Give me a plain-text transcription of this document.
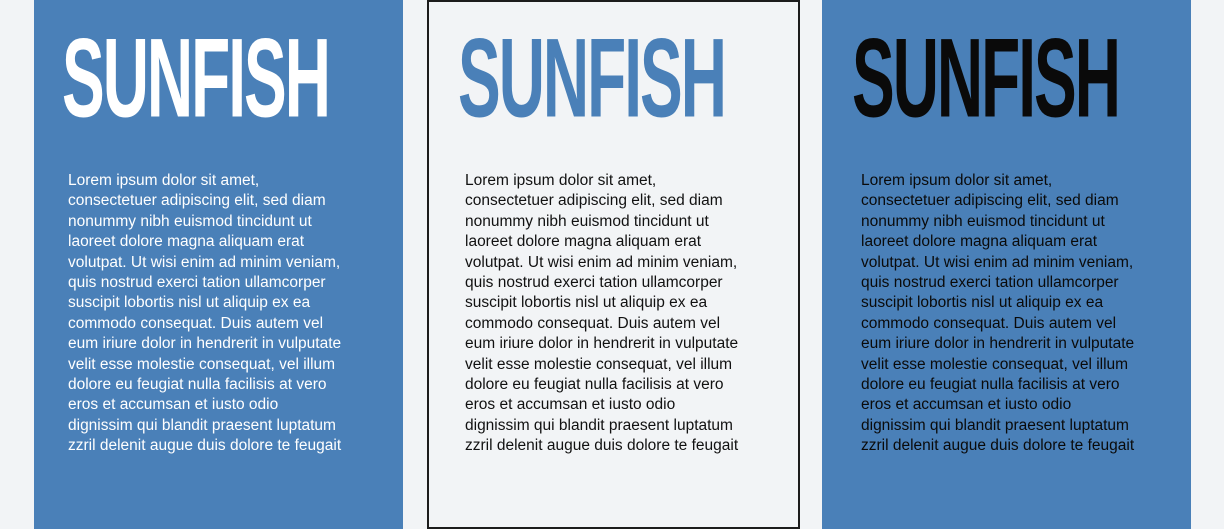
SUNFISH

Lorem ipsum dolor sit amet,
consectetuer adipiscing elit, sed diam
nonummy nibh euismod tincidunt ut
laoreet dolore magna aliquam erat
volutpat. Ut wisi enim ad minim veniam,
quis nostrud exerci tation ullamcorper
suscipit lobortis nisl ut aliquip ex ea
commodo consequat. Duis autem vel
eum iriure dolor in hendrerit in vulputate
velit esse molestie consequat, vel illum
dolore eu feugiat nulla facilisis at vero
eros et accumsan et iusto odio
dignissim qui blandit praesent luptatum
zzril delenit augue duis dolore te feugait

SUNFISH

Lorem ipsum dolor sit amet,
consectetuer adipiscing elit, sed diam
nonummy nibh euismod tincidunt ut
laoreet dolore magna aliquam erat
volutpat. Ut wisi enim ad minim veniam,
quis nostrud exerci tation ullamcorper
suscipit lobortis nisl ut aliquip ex ea
commodo consequat. Duis autem vel
eum iriure dolor in hendrerit in vulputate
velit esse molestie consequat, vel illum
dolore eu feugiat nulla facilisis at vero
eros et accumsan et iusto odio
dignissim qui blandit praesent luptatum
zzril delenit augue duis dolore te feugait

SUNFISH

Lorem ipsum dolor sit amet,
consectetuer adipiscing elit, sed diam
nonummy nibh euismod tincidunt ut
laoreet dolore magna aliquam erat
volutpat. Ut wisi enim ad minim veniam,
quis nostrud exerci tation ullamcorper
suscipit lobortis nisl ut aliquip ex ea
commodo consequat. Duis autem vel
eum iriure dolor in hendrerit in vulputate
velit esse molestie consequat, vel illum
dolore eu feugiat nulla facilisis at vero
eros et accumsan et iusto odio
dignissim qui blandit praesent luptatum
zzril delenit augue duis dolore te feugait
